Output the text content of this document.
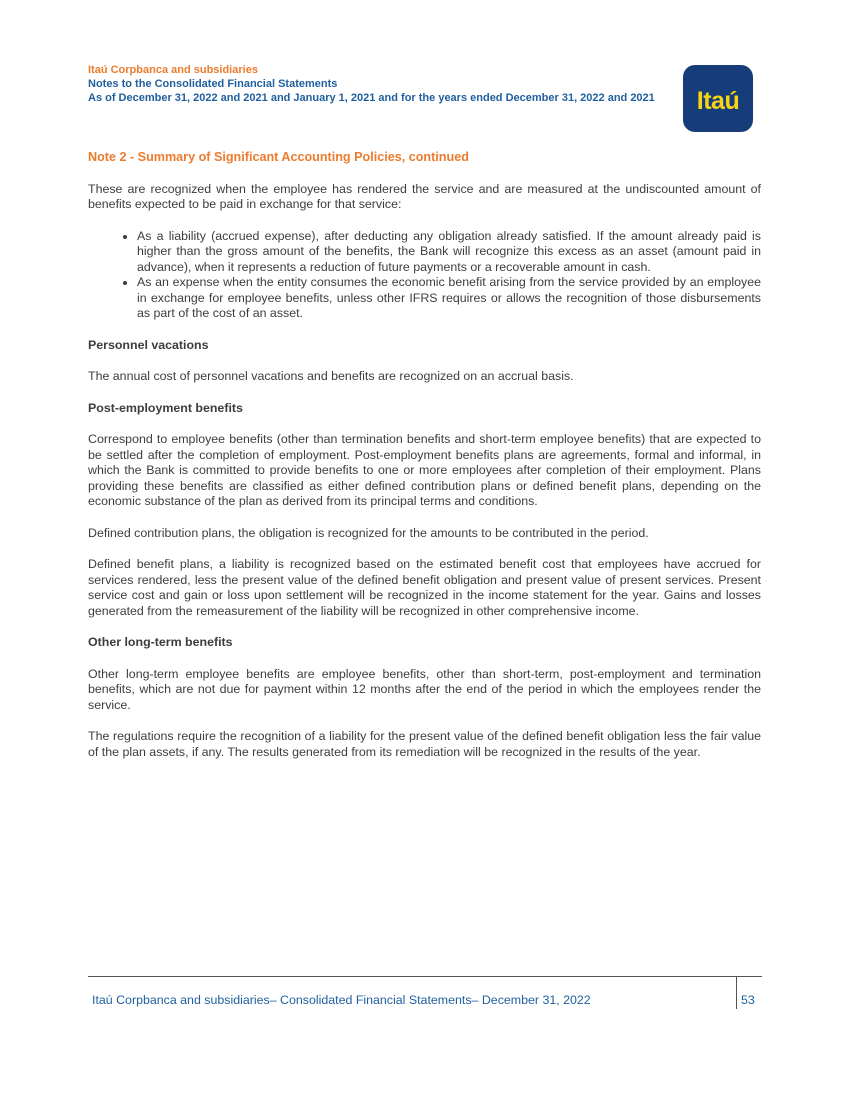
Itaú Corpbanca and subsidiaries
Notes to the Consolidated Financial Statements
As of December 31, 2022 and 2021 and January 1, 2021 and for the years ended December 31, 2022 and 2021	Itaú
Note 2 - Summary of Significant Accounting Policies, continued

These are recognized when the employee has rendered the service and are measured at the undiscounted amount of benefits expected to be paid in exchange for that service:

• As a liability (accrued expense), after deducting any obligation already satisfied. If the amount already paid is higher than the gross amount of the benefits, the Bank will recognize this excess as an asset (amount paid in advance), when it represents a reduction of future payments or a recoverable amount in cash.
• As an expense when the entity consumes the economic benefit arising from the service provided by an employee in exchange for employee benefits, unless other IFRS requires or allows the recognition of those disbursements as part of the cost of an asset.
Personnel vacations

The annual cost of personnel vacations and benefits are recognized on an accrual basis.

Post-employment benefits

Correspond to employee benefits (other than termination benefits and short-term employee benefits) that are expected to be settled after the completion of employment. Post-employment benefits plans are agreements, formal and informal, in which the Bank is committed to provide benefits to one or more employees after completion of their employment. Plans providing these benefits are classified as either defined contribution plans or defined benefit plans, depending on the economic substance of the plan as derived from its principal terms and conditions.

Defined contribution plans, the obligation is recognized for the amounts to be contributed in the period.

Defined benefit plans, a liability is recognized based on the estimated benefit cost that employees have accrued for services rendered, less the present value of the defined benefit obligation and present value of present services. Present service cost and gain or loss upon settlement will be recognized in the income statement for the year. Gains and losses generated from the remeasurement of the liability will be recognized in other comprehensive income.

Other long-term benefits

Other long-term employee benefits are employee benefits, other than short-term, post-employment and termination benefits, which are not due for payment within 12 months after the end of the period in which the employees render the service.

The regulations require the recognition of a liability for the present value of the defined benefit obligation less the fair value of the plan assets, if any. The results generated from its remediation will be recognized in the results of the year.

Itaú Corpbanca and subsidiaries– Consolidated Financial Statements– December 31, 2022	53
